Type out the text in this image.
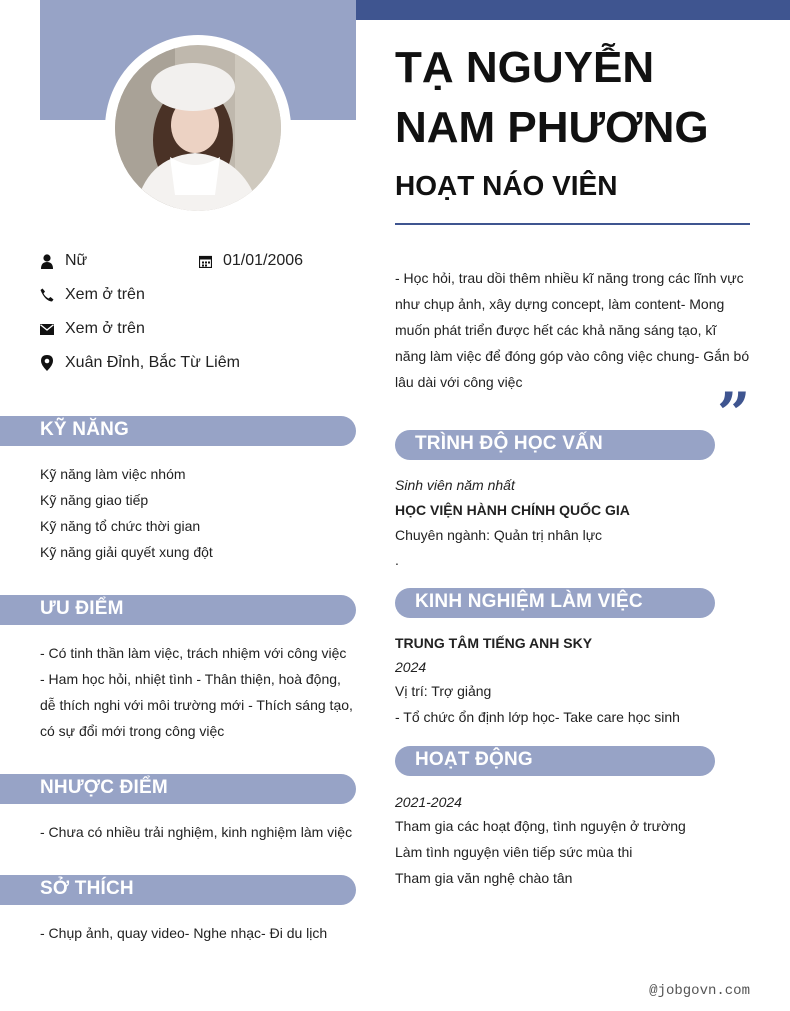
Nữ	01/01/2006
Xem ở trên
Xem ở trên
Xuân Đỉnh, Bắc Từ Liêm
KỸ NĂNG
Kỹ năng làm việc nhóm
Kỹ năng giao tiếp
Kỹ năng tổ chức thời gian
Kỹ năng giải quyết xung đột
ƯU ĐIỂM
- Có tinh thần làm việc, trách nhiệm với công việc - Ham học hỏi, nhiệt tình - Thân thiện, hoà động, dễ thích nghi với môi trường mới - Thích sáng tạo, có sự đổi mới trong công việc
NHƯỢC ĐIỂM
- Chưa có nhiều trải nghiệm, kinh nghiệm làm việc
SỞ THÍCH
- Chụp ảnh, quay video- Nghe nhạc- Đi du lịch
TẠ NGUYỄN
NAM PHƯƠNG
HOẠT NÁO VIÊN
- Học hỏi, trau dồi thêm nhiều kĩ năng trong các lĩnh vực như chụp ảnh, xây dựng concept, làm content- Mong muốn phát triển được hết các khả năng sáng tạo, kĩ năng làm việc để đóng góp vào công việc chung- Gắn bó lâu dài với công việc	”
TRÌNH ĐỘ HỌC VẤN
Sinh viên năm nhất
HỌC VIỆN HÀNH CHÍNH QUỐC GIA
Chuyên ngành: Quản trị nhân lực
.
KINH NGHIỆM LÀM VIỆC
TRUNG TÂM TIẾNG ANH SKY
2024
Vị trí: Trợ giảng
- Tổ chức ổn định lớp học- Take care học sinh
HOẠT ĐỘNG
2021-2024
Tham gia các hoạt động, tình nguyện ở trường
Làm tình nguyện viên tiếp sức mùa thi
Tham gia văn nghệ chào tân
@jobgovn.com
